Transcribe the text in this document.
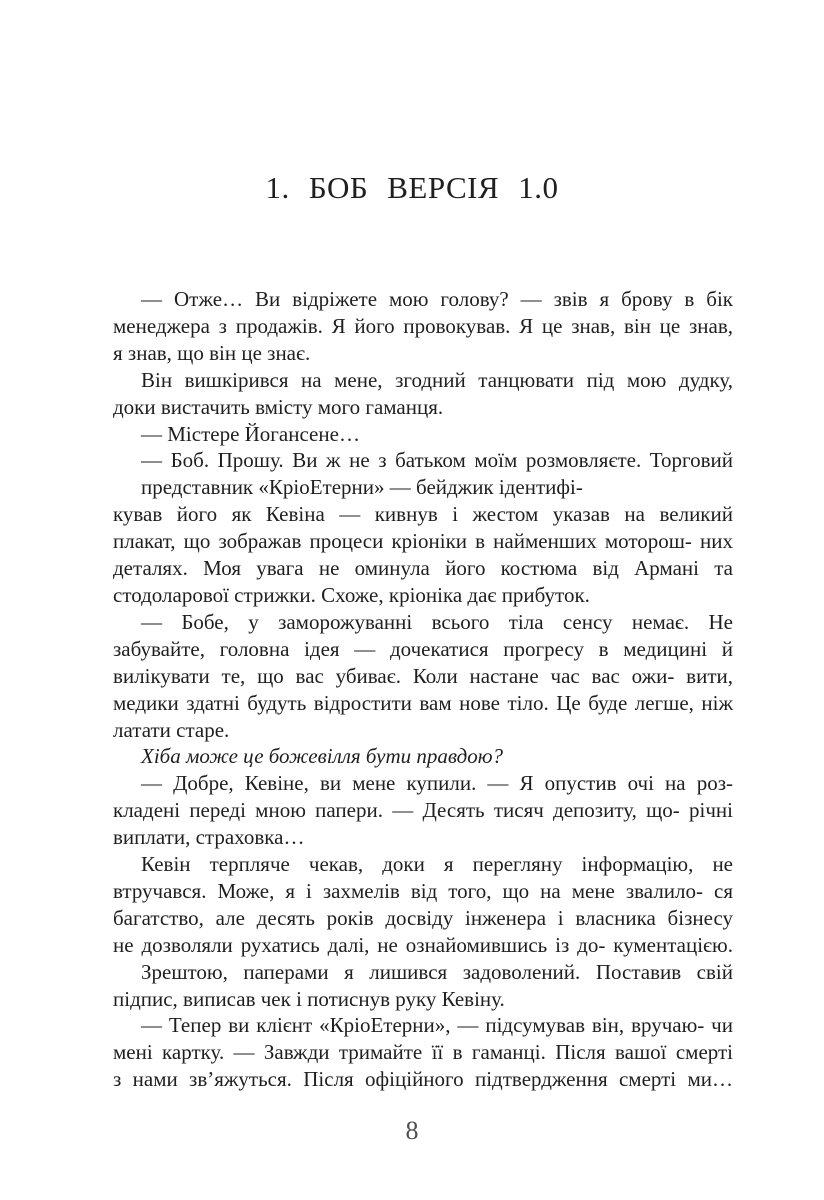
1. БОБ ВЕРСІЯ 1.0
— Отже… Ви відріжете мою голову? — звів я брову в бік
менеджера з продажів. Я його провокував. Я це знав, він це знав,
я знав, що він це знає.
Він вишкірився на мене, згодний танцювати під мою дудку,
доки вистачить вмісту мого гаманця.
— Містере Йогансене…
— Боб. Прошу. Ви ж не з батьком моїм розмовляєте. Торговий
представник «КріоЕтерни» — бейджик ідентифі-
кував його як Кевіна — кивнув і жестом указав на великий
плакат, що зображав процеси кріоніки в найменших моторош- них
деталях. Моя увага не оминула його костюма від Армані та
стодоларової стрижки. Схоже, кріоніка дає прибуток.
— Бобе, у заморожуванні всього тіла сенсу немає. Не
забувайте, головна ідея — дочекатися прогресу в медицині й
вилікувати те, що вас убиває. Коли настане час вас ожи- вити,
медики здатні будуть відростити вам нове тіло. Це буде легше, ніж
латати старе.
Хіба може це божевілля бути правдою?
— Добре, Кевіне, ви мене купили. — Я опустив очі на роз-
кладені переді мною папери. — Десять тисяч депозиту, що- річні
виплати, страховка…
Кевін терпляче чекав, доки я перегляну інформацію, не
втручався. Може, я і захмелів від того, що на мене звалило- ся
багатство, але десять років досвіду інженера і власника бізнесу
не дозволяли рухатись далі, не ознайомившись із до- кументацією.
Зрештою, паперами я лишився задоволений. Поставив свій
підпис, виписав чек і потиснув руку Кевіну.
— Тепер ви клієнт «КріоЕтерни», — підсумував він, вручаю- чи
мені картку. — Завжди тримайте її в гаманці. Після вашої смерті
з нами зв’яжуться. Після офіційного підтвердження смерті ми…
8
